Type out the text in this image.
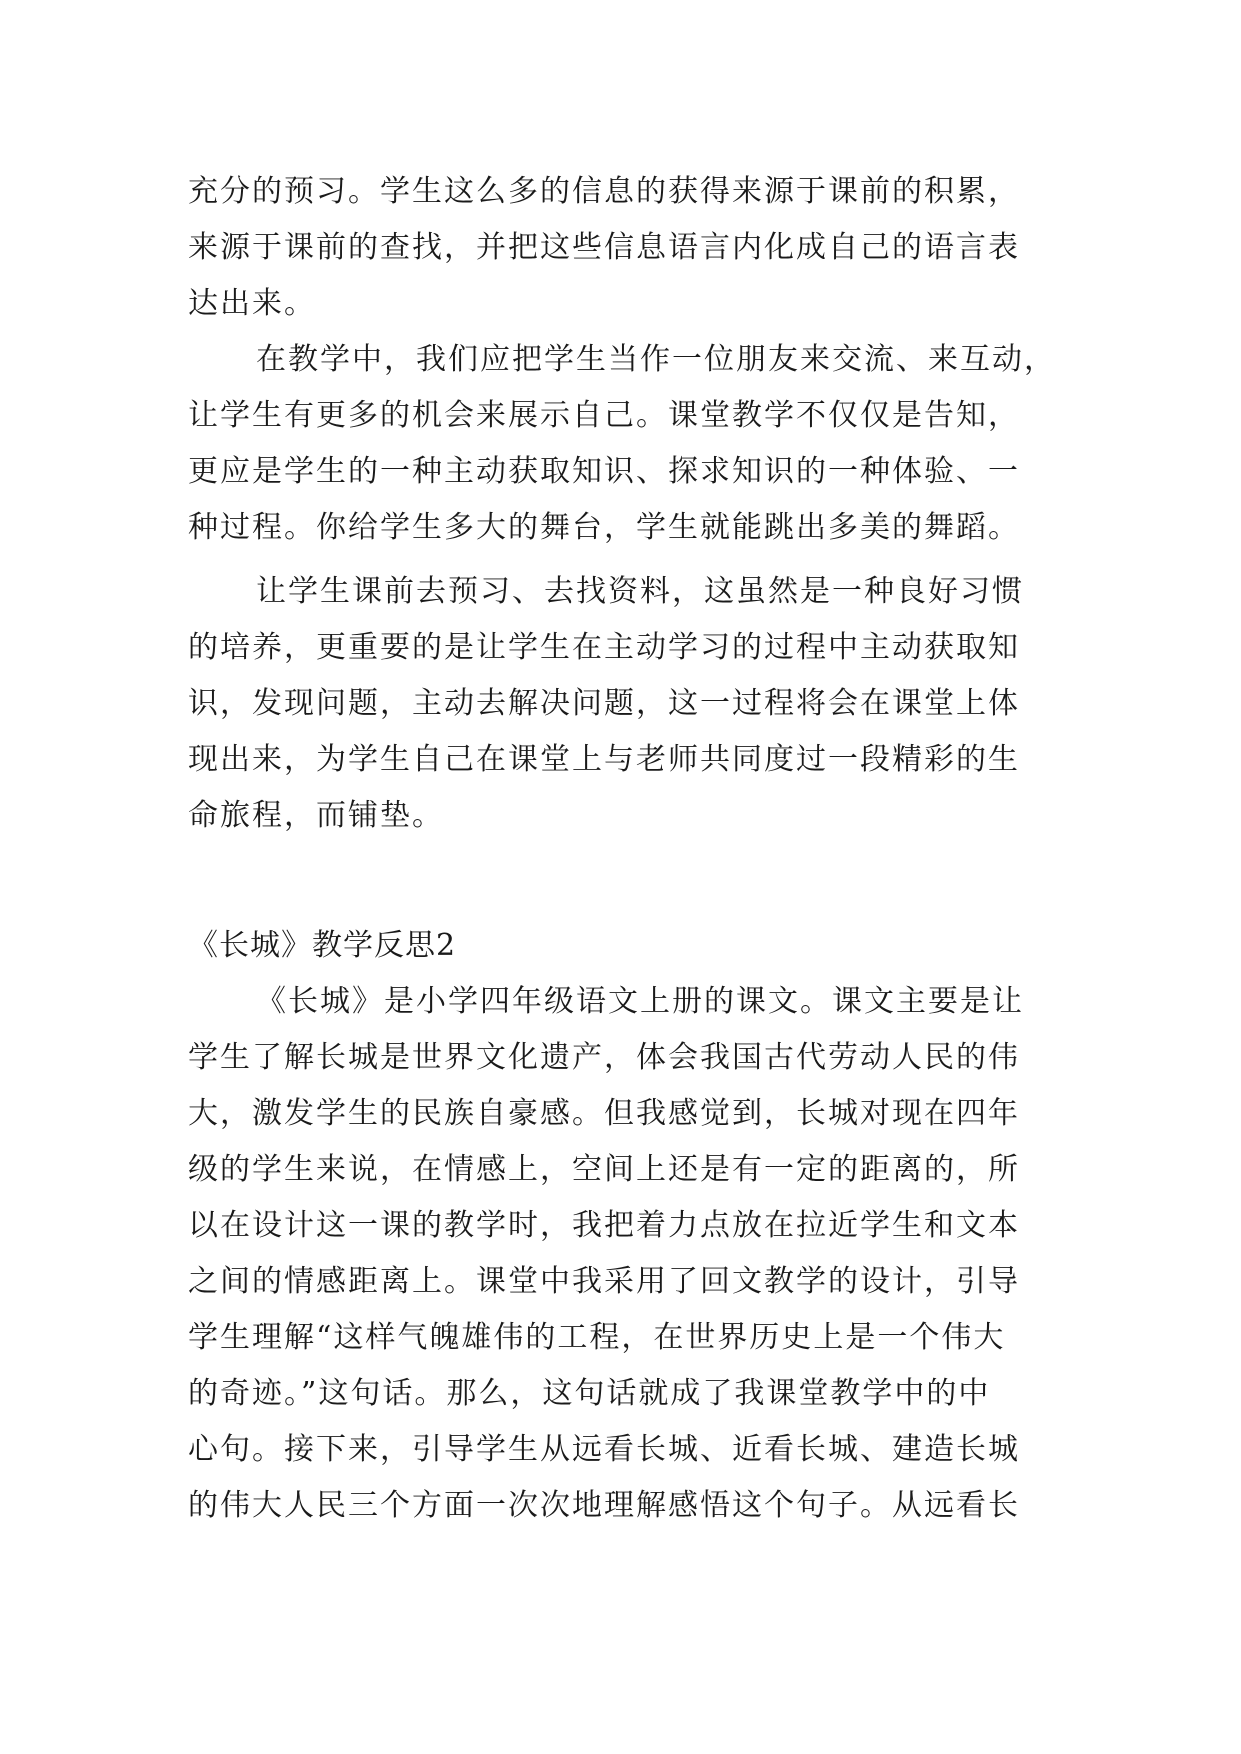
充分的预习。学生这么多的信息的获得来源于课前的积累，
来源于课前的查找，并把这些信息语言内化成自己的语言表
达出来。
在教学中，我们应把学生当作一位朋友来交流、来互动，
让学生有更多的机会来展示自己。课堂教学不仅仅是告知，
更应是学生的一种主动获取知识、探求知识的一种体验、一
种过程。你给学生多大的舞台，学生就能跳出多美的舞蹈。
让学生课前去预习、去找资料，这虽然是一种良好习惯
的培养，更重要的是让学生在主动学习的过程中主动获取知
识，发现问题，主动去解决问题，这一过程将会在课堂上体
现出来，为学生自己在课堂上与老师共同度过一段精彩的生
命旅程，而铺垫。
《长城》教学反思2
《长城》是小学四年级语文上册的课文。课文主要是让
学生了解长城是世界文化遗产，体会我国古代劳动人民的伟
大，激发学生的民族自豪感。但我感觉到，长城对现在四年
级的学生来说，在情感上，空间上还是有一定的距离的，所
以在设计这一课的教学时，我把着力点放在拉近学生和文本
之间的情感距离上。课堂中我采用了回文教学的设计，引导
学生理解“这样气魄雄伟的工程，在世界历史上是一个伟大
的奇迹。”这句话。那么，这句话就成了我课堂教学中的中
心句。接下来，引导学生从远看长城、近看长城、建造长城
的伟大人民三个方面一次次地理解感悟这个句子。从远看长
